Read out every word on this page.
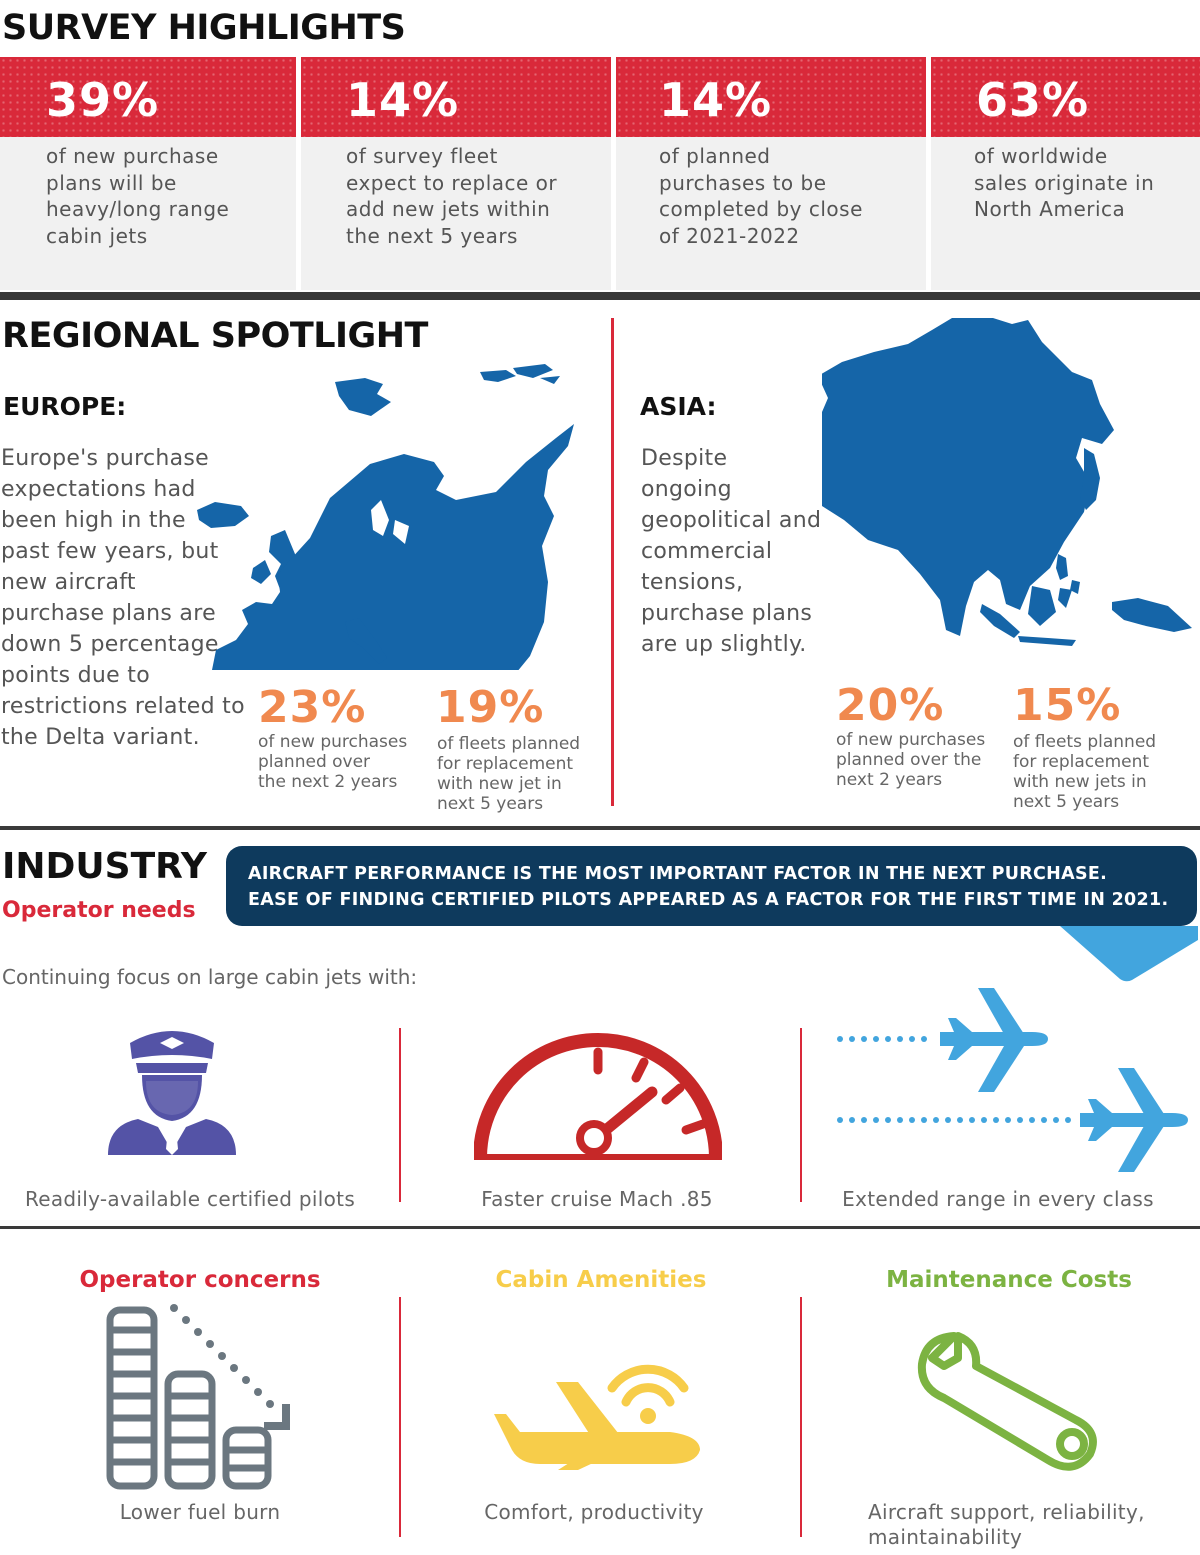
SURVEY HIGHLIGHTS
39%
of new purchase
plans will be
heavy/long range
cabin jets
14%
of survey fleet
expect to replace or
add new jets within
the next 5 years
14%
of planned
purchases to be
completed by close
of 2021-2022
63%
of worldwide
sales originate in
North America
REGIONAL SPOTLIGHT
EUROPE:
Europe's purchase
expectations had
been high in the
past few years, but
new aircraft
purchase plans are
down 5 percentage
points due to
restrictions related to
the Delta variant.
23%
of new purchases
planned over
the next 2 years
19%
of fleets planned
for replacement
with new jet in
next 5 years
ASIA:
Despite
ongoing
geopolitical and
commercial
tensions,
purchase plans
are up slightly.
20%
of new purchases
planned over the
next 2 years
15%
of fleets planned
for replacement
with new jets in
next 5 years
INDUSTRY
Operator needs
AIRCRAFT PERFORMANCE IS THE MOST IMPORTANT FACTOR IN THE NEXT PURCHASE.
EASE OF FINDING CERTIFIED PILOTS APPEARED AS A FACTOR FOR THE FIRST TIME IN 2021.
Continuing focus on large cabin jets with:
Readily-available certified pilots	Faster cruise Mach .85	Extended range in every class
Operator concerns	Cabin Amenities	Maintenance Costs
Lower fuel burn	Comfort, productivity	Aircraft support, reliability,
maintainability
